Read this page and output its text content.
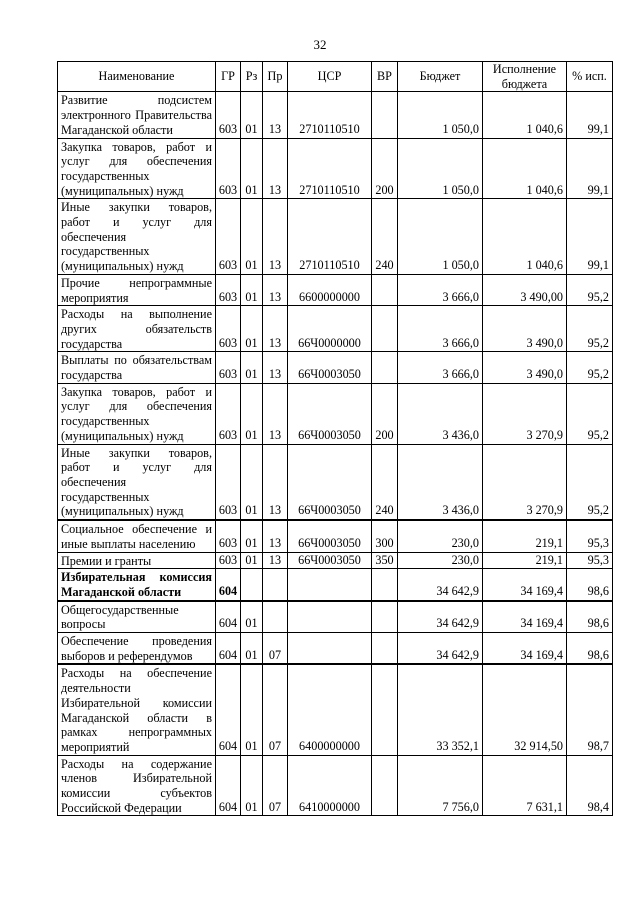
32
Наименование	ГР	Рз	Пр	ЦСР	ВР	Бюджет	Исполнение бюджета	% исп.
Развитие подсистем электронного Правительства Магаданской области	603	01	13	2710110510		1 050,0	1 040,6	99,1
Закупка товаров, работ и услуг для обеспечения государственных (муниципальных) нужд	603	01	13	2710110510	200	1 050,0	1 040,6	99,1
Иные закупки товаров, работ и услуг для обеспечения государственных (муниципальных) нужд	603	01	13	2710110510	240	1 050,0	1 040,6	99,1
Прочие непрограммные мероприятия	603	01	13	6600000000		3 666,0	3 490,00	95,2
Расходы на выполнение других обязательств государства	603	01	13	66Ч0000000		3 666,0	3 490,0	95,2
Выплаты по обязательствам государства	603	01	13	66Ч0003050		3 666,0	3 490,0	95,2
Закупка товаров, работ и услуг для обеспечения государственных (муниципальных) нужд	603	01	13	66Ч0003050	200	3 436,0	3 270,9	95,2
Иные закупки товаров, работ и услуг для обеспечения государственных (муниципальных) нужд	603	01	13	66Ч0003050	240	3 436,0	3 270,9	95,2
Социальное обеспечение и иные выплаты населению	603	01	13	66Ч0003050	300	230,0	219,1	95,3
Премии и гранты	603	01	13	66Ч0003050	350	230,0	219,1	95,3
Избирательная комиссия Магаданской области	604					34 642,9	34 169,4	98,6
Общегосударственные вопросы	604	01				34 642,9	34 169,4	98,6
Обеспечение проведения выборов и референдумов	604	01	07			34 642,9	34 169,4	98,6
Расходы на обеспечение деятельности Избирательной комиссии Магаданской области в рамках непрограммных мероприятий	604	01	07	6400000000		33 352,1	32 914,50	98,7
Расходы на содержание членов Избирательной комиссии субъектов Российской Федерации	604	01	07	6410000000		7 756,0	7 631,1	98,4
